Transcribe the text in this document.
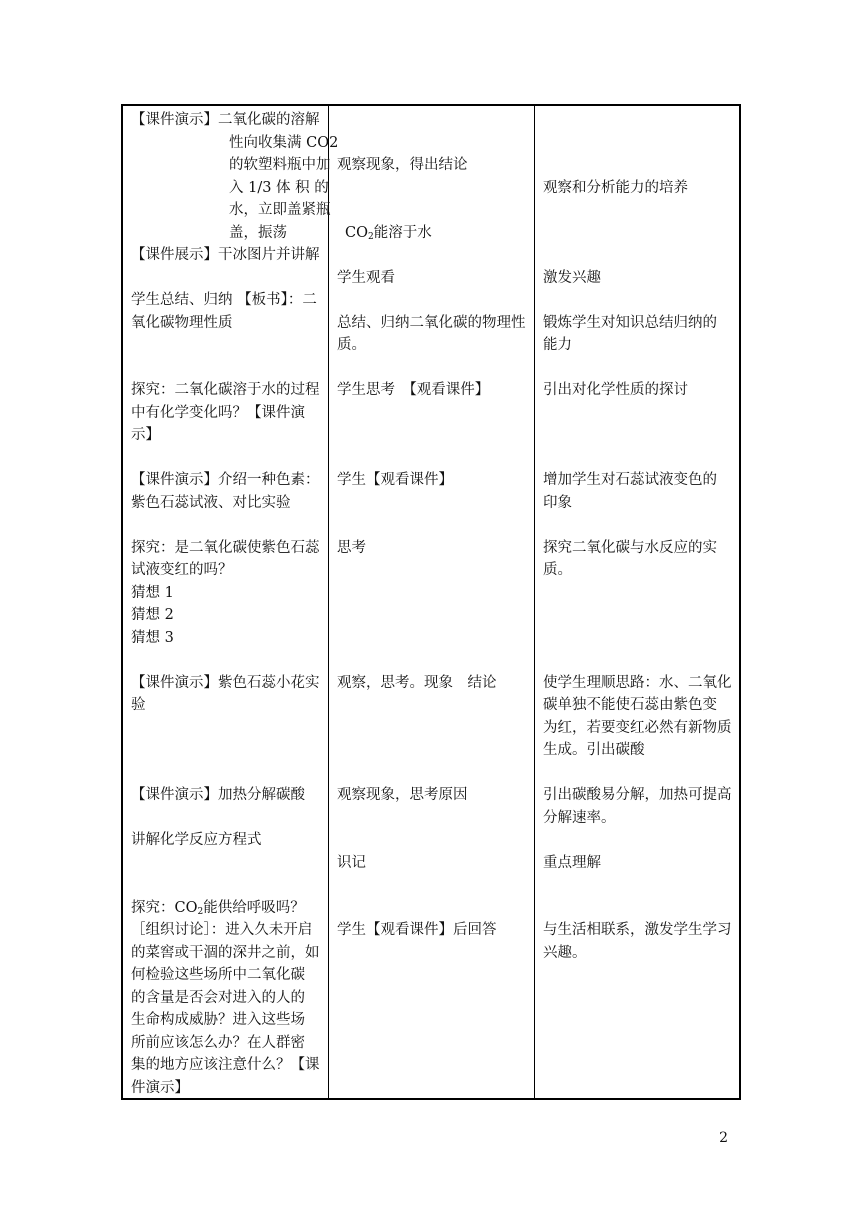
【课件演示】二氧化碳的溶解
性向收集满 CO2
的软塑料瓶中加
入 1/3 体 积 的
水，立即盖紧瓶
盖，振荡
【课件展示】干冰图片并讲解
学生总结、归纳 【板书】：二
氧化碳物理性质
探究：二氧化碳溶于水的过程
中有化学变化吗？【课件演
示】
【课件演示】介绍一种色素：
紫色石蕊试液、对比实验
探究：是二氧化碳使紫色石蕊
试液变红的吗？
猜想 1
猜想 2
猜想 3
【课件演示】紫色石蕊小花实
验
【课件演示】加热分解碳酸
讲解化学反应方程式
探究：$CO_2$能供给呼吸吗？
［组织讨论］：进入久未开启
的菜窖或干涸的深井之前，如
何检验这些场所中二氧化碳
的含量是否会对进入的人的
生命构成威胁？进入这些场
所前应该怎么办？在人群密
集的地方应该注意什么？【课
件演示】
观察现象，得出结论
$CO_2$能溶于水
学生观看
总结、归纳二氧化碳的物理性
质。
学生思考　【观看课件】
学生【观看课件】
思考
观察，思考。现象　结论
观察现象，思考原因
识记
学生【观看课件】后回答
观察和分析能力的培养
激发兴趣
锻炼学生对知识总结归纳的
能力
引出对化学性质的探讨
增加学生对石蕊试液变色的
印象
探究二氧化碳与水反应的实
质。
使学生理顺思路：水、二氧化
碳单独不能使石蕊由紫色变
为红，若要变红必然有新物质
生成。引出碳酸
引出碳酸易分解，加热可提高
分解速率。
重点理解
与生活相联系，激发学生学习
兴趣。
2
